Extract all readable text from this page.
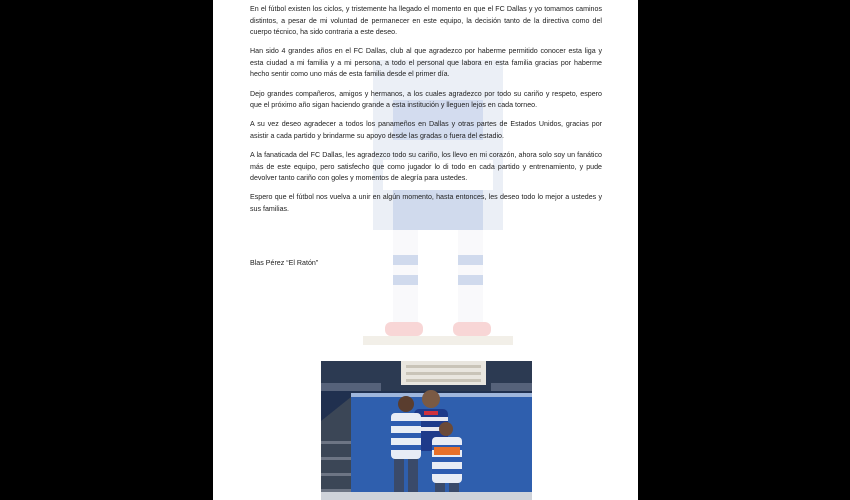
En el fútbol existen los ciclos, y tristemente ha llegado el momento en que el FC Dallas y yo tomamos caminos distintos, a pesar de mi voluntad de permanecer en este equipo, la decisión tanto de la directiva como del cuerpo técnico, ha sido contraria a este deseo.

Han sido 4 grandes años en el FC Dallas, club al que agradezco por haberme permitido conocer esta liga y esta ciudad a mi familia y a mi persona, a todo el personal que labora en esta familia gracias por haberme hecho sentir como uno más de esta familia desde el primer día.

Dejo grandes compañeros, amigos y hermanos, a los cuales agradezco por todo su cariño y respeto, espero que el próximo año sigan haciendo grande a esta institución y lleguen lejos en cada torneo.

A su vez deseo agradecer a todos los panameños en Dallas y otras partes de Estados Unidos, gracias por asistir a cada partido y brindarme su apoyo desde las gradas o fuera del estadio.

A la fanaticada del FC Dallas, les agradezco todo su cariño, los llevo en mi corazón, ahora solo soy un fanático más de este equipo, pero satisfecho que como jugador lo di todo en cada partido y entrenamiento, y pude devolver tanto cariño con goles y momentos de alegría para ustedes.

Espero que el fútbol nos vuelva a unir en algún momento, hasta entonces, les deseo todo lo mejor a ustedes y sus familias.

Blas Pérez “El Ratón”
